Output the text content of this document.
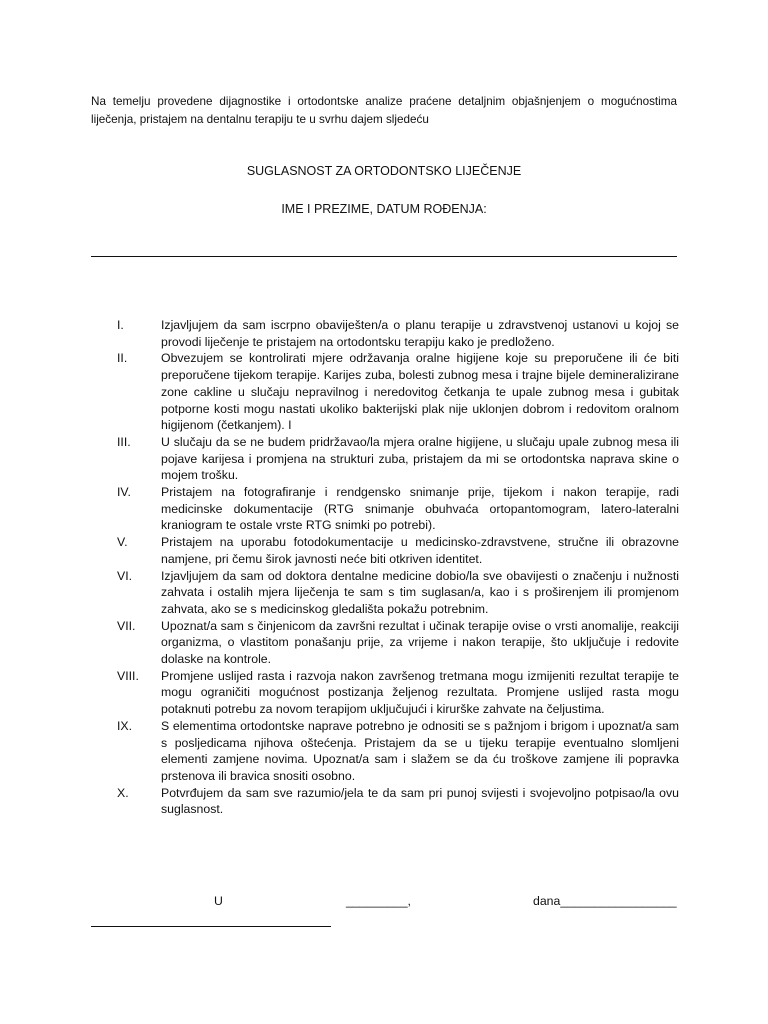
Na temelju provedene dijagnostike i ortodontske analize praćene detaljnim objašnjenjem o mogućnostima liječenja, pristajem na dentalnu terapiju te u svrhu dajem sljedeću
SUGLASNOST ZA ORTODONTSKO LIJEČENJE
IME I PREZIME, DATUM ROĐENJA:
I.	Izjavljujem da sam iscrpno obaviješten/a o planu terapije u zdravstvenoj ustanovi u kojoj se provodi liječenje te pristajem na ortodontsku terapiju kako je predloženo.
II.	Obvezujem se kontrolirati mjere održavanja oralne higijene koje su preporučene ili će biti preporučene tijekom terapije. Karijes zuba, bolesti zubnog mesa i trajne bijele demineralizirane zone cakline u slučaju nepravilnog i neredovitog četkanja te upale zubnog mesa i gubitak potporne kosti mogu nastati ukoliko bakterijski plak nije uklonjen dobrom i redovitom oralnom higijenom (četkanjem). I
III. U slučaju da se ne budem pridržavao/la mjera oralne higijene, u slučaju upale zubnog mesa ili pojave karijesa i promjena na strukturi zuba, pristajem da mi se ortodontska naprava skine o mojem trošku.
IV. Pristajem na fotografiranje i rendgensko snimanje prije, tijekom i nakon terapije, radi medicinske dokumentacije (RTG snimanje obuhvaća ortopantomogram, latero-lateralni kraniogram te ostale vrste RTG snimki po potrebi).
V.	Pristajem na uporabu fotodokumentacije u medicinsko-zdravstvene, stručne ili obrazovne namjene, pri čemu širok javnosti neće biti otkriven identitet.
VI. Izjavljujem da sam od doktora dentalne medicine dobio/la sve obavijesti o značenju i nužnosti zahvata i ostalih mjera liječenja te sam s tim suglasan/a, kao i s proširenjem ili promjenom zahvata, ako se s medicinskog gledališta pokažu potrebnim.
VII. Upoznat/a sam s činjenicom da završni rezultat i učinak terapije ovise o vrsti anomalije, reakciji organizma, o vlastitom ponašanju prije, za vrijeme i nakon terapije, što uključuje i redovite dolaske na kontrole.
VIII. Promjene uslijed rasta i razvoja nakon završenog tretmana mogu izmijeniti rezultat terapije te mogu ograničiti mogućnost postizanja željenog rezultata. Promjene uslijed rasta mogu potaknuti potrebu za novom terapijom uključujući i kirurške zahvate na čeljustima.
IX. S elementima ortodontske naprave potrebno je odnositi se s pažnjom i brigom i upoznat/a sam s posljedicama njihova oštećenja. Pristajem da se u tijeku terapije eventualno slomljeni elementi zamjene novima. Upoznat/a sam i slažem se da ću troškove zamjene ili popravka prstenova ili bravica snositi osobno.
X.	Potvrđujem da sam sve razumio/jela te da sam pri punoj svijesti i svojevoljno potpisao/la ovu suglasnost.
U	_________,	dana_________________
